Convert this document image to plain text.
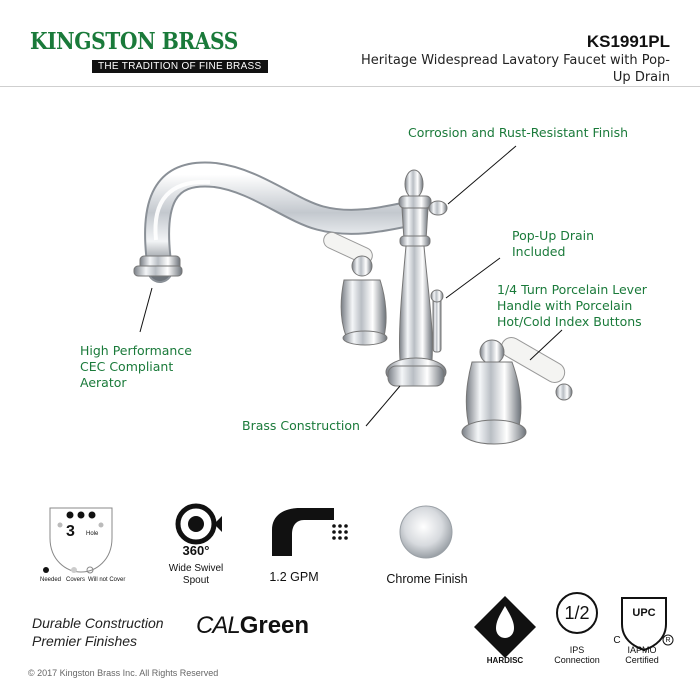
KINGSTON BRASS
THE TRADITION OF FINE BRASS
KS1991PL
Heritage Widespread Lavatory Faucet with Pop-Up Drain
Corrosion and Rust-Resistant Finish
Pop-Up Drain
Included
1/4 Turn Porcelain Lever
Handle with Porcelain
Hot/Cold Index Buttons
High Performance
CEC Compliant
Aerator
Brass Construction
3 Hole
Needed Covers Will not Cover
360°
Wide Swivel
Spout	1.2 GPM	Chrome Finish
Durable Construction
Premier Finishes
CALGreen
© 2017 Kingston Brass Inc. All Rights Reserved
HARDISC
1/2
IPS
Connection
UPC
C	R
IAPMO
Certified
